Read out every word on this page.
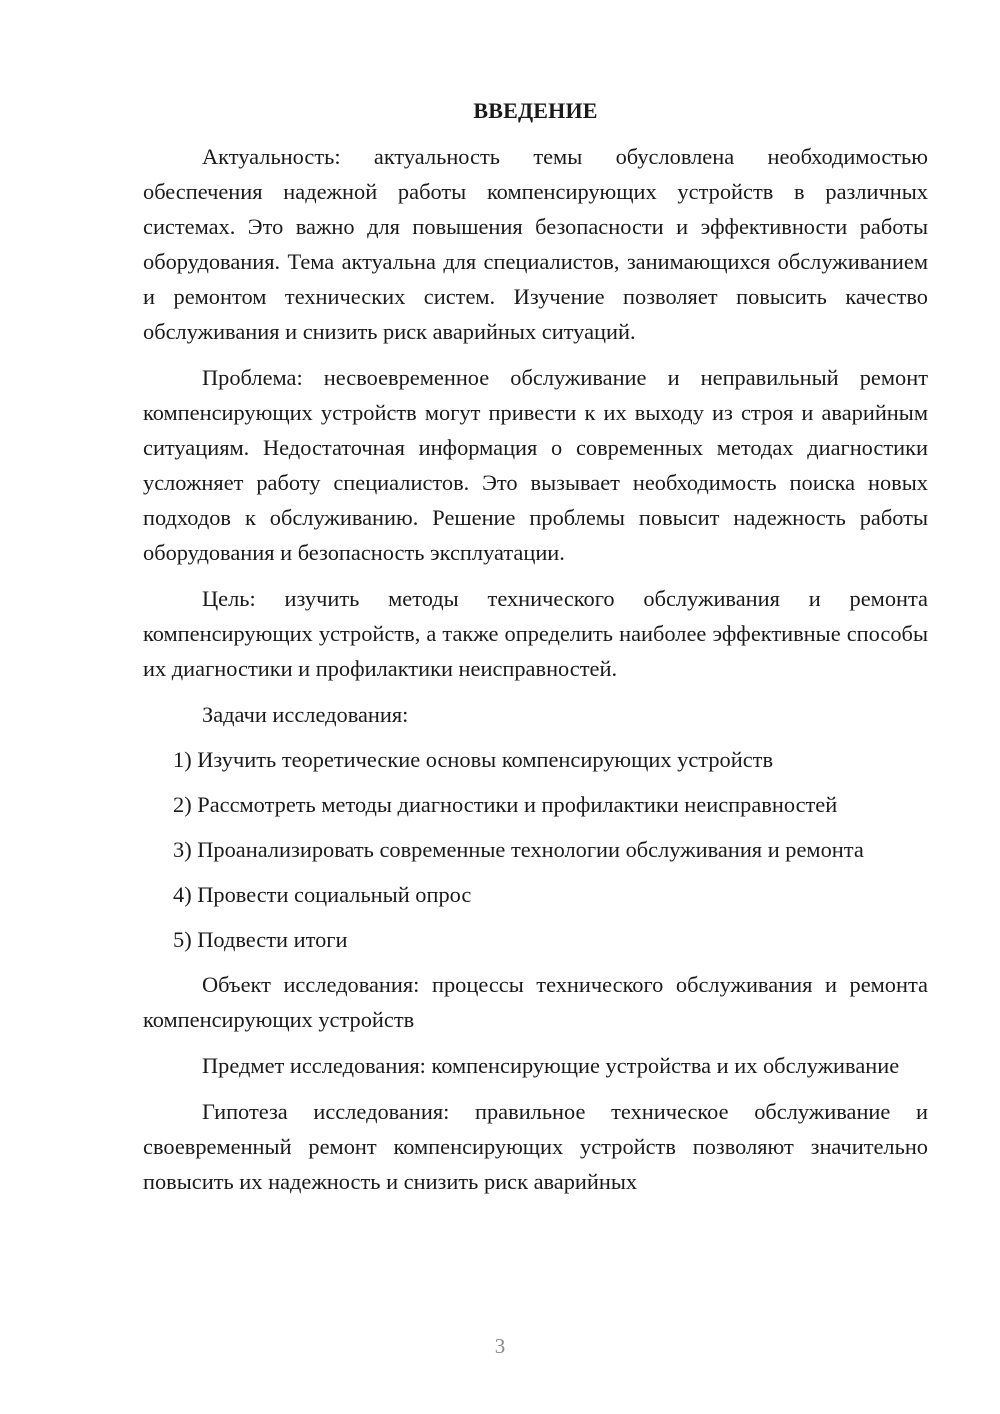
ВВЕДЕНИЕ

Актуальность: актуальность темы обусловлена необходимостью обеспечения надежной работы компенсирующих устройств в различных системах. Это важно для повышения безопасности и эффективности работы оборудования. Тема актуальна для специалистов, занимающихся обслуживанием и ремонтом технических систем. Изучение позволяет повысить качество обслуживания и снизить риск аварийных ситуаций.

Проблема: несвоевременное обслуживание и неправильный ремонт компенсирующих устройств могут привести к их выходу из строя и аварийным ситуациям. Недостаточная информация о современных методах диагностики усложняет работу специалистов. Это вызывает необходимость поиска новых подходов к обслуживанию. Решение проблемы повысит надежность работы оборудования и безопасность эксплуатации.

Цель: изучить методы технического обслуживания и ремонта компенсирующих устройств, а также определить наиболее эффективные способы их диагностики и профилактики неисправностей.

Задачи исследования:

1) Изучить теоретические основы компенсирующих устройств

2) Рассмотреть методы диагностики и профилактики неисправностей

3) Проанализировать современные технологии обслуживания и ремонта

4) Провести социальный опрос

5) Подвести итоги

Объект исследования: процессы технического обслуживания и ремонта компенсирующих устройств

Предмет исследования: компенсирующие устройства и их обслуживание

Гипотеза исследования: правильное техническое обслуживание и своевременный ремонт компенсирующих устройств позволяют значительно повысить их надежность и снизить риск аварийных

3
